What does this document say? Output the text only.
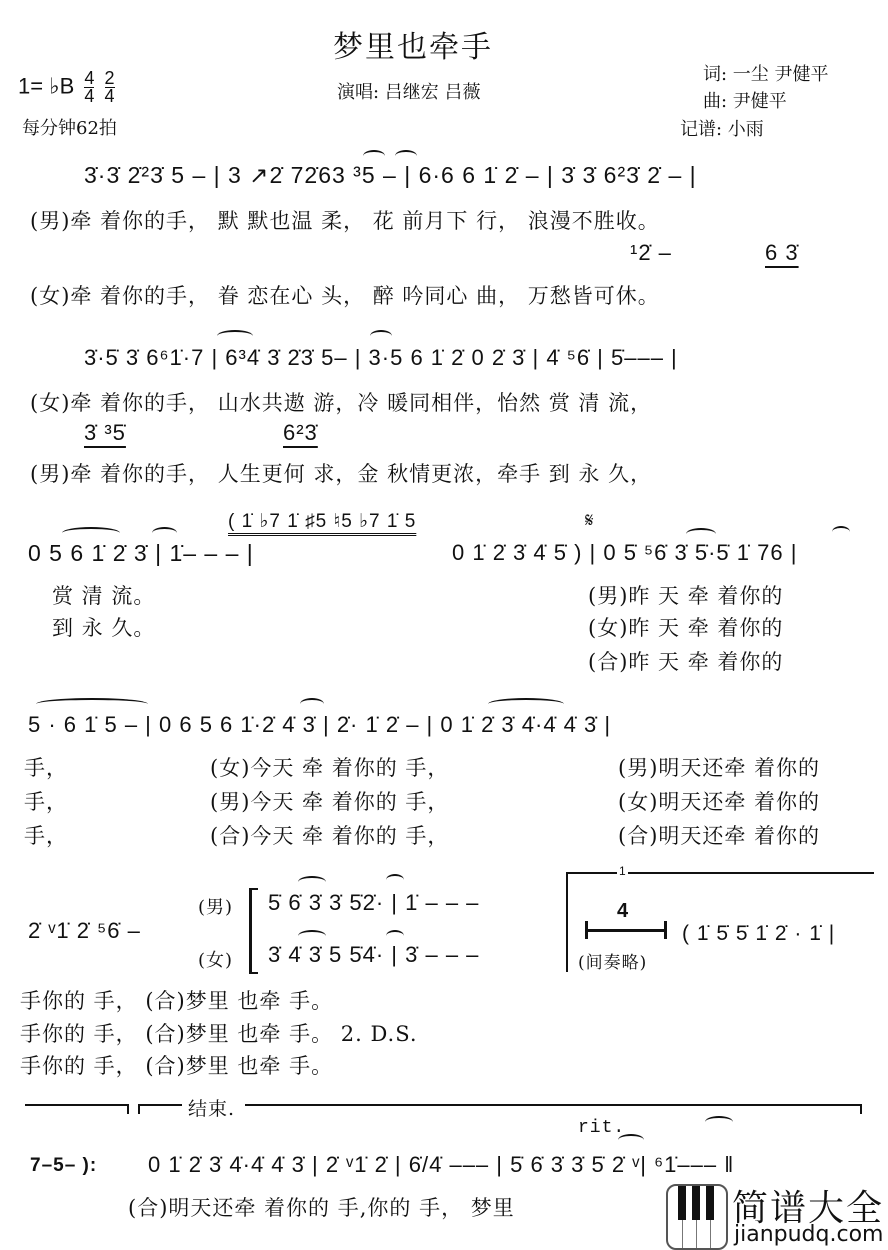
梦里也牵手
演唱: 吕继宏 吕薇
1= ♭B $\frac{4}{4}$
$\frac{2}{4}$
每分钟62拍
词: 一尘 尹健平
曲: 尹健平
记谱: 小雨
3̇·3̇ 2̇²3̇ 5 – | 3 ↗2̇ 72̇63 ³5 – | 6·6 6 1̇ 2̇ – | 3̇ 3̇ 6²3̇ 2̇ – |
(男)牵 着你的手， 默 默也温 柔， 花 前月下 行， 浪漫不胜收。
¹2̇ –	6 3̇
(女)牵 着你的手， 眷 恋在心 头， 醉 吟同心 曲， 万愁皆可休。
3̇·5̇ 3̇ 6⁶1̇·7 | 6³4̇ 3̇ 2̇3̇ 5– | 3·5 6 1̇ 2̇ 0 2̇ 3̇ | 4̇ ⁵6̇ | 5̇––– |
(女)牵 着你的手， 山水共遨 游，冷 暖同相伴，怡然 赏 清 流，
3̇ ³5̇	6²3̇
(男)牵 着你的手， 人生更何 求，金 秋情更浓，牵手 到 永 久，
0 5 6 1̇ 2̇ 3̇ | 1̇– – – |
( 1̇ ♭7 1̇ ♯5 ♮5 ♭7 1̇ 5	𝄋
0 1̇ 2̇ 3̇ 4̇ 5̇ ) | 0 5̇ ⁵6̇ 3̇ 5̇·5̇ 1̇ 76 |
赏 清 流。
到 永 久。
(男)昨 天 牵 着你的
(女)昨 天 牵 着你的
(合)昨 天 牵 着你的
5 · 6 1̇ 5 – | 0 6 5 6 1̇·2̇ 4̇ 3̇ | 2̇· 1̇ 2̇ – | 0 1̇ 2̇ 3̇ 4̇·4̇ 4̇ 3̇ |
手，	(女)今天 牵 着你的 手，	(男)明天还牵 着你的
手，	(男)今天 牵 着你的 手，	(女)明天还牵 着你的
手，	(合)今天 牵 着你的 手，	(合)明天还牵 着你的
2̇ ᵛ1̇ 2̇ ⁵6̇ –
(男)
(女)
5̇ 6̇ 3̇ 3̇ 5̇2̇· | 1̇ – – –
3̇ 4̇ 3̇ 5 5̇4̇· | 3̇ – – –
1
4
(间奏略)
( 1̇ 5̇ 5̇ 1̇ 2̇ · 1̇ |
手你的 手， (合)梦里 也牵 手。
手你的 手， (合)梦里 也牵 手。 2. D.S.
手你的 手， (合)梦里 也牵 手。
结束.
rit.
7–5– ): 0 1̇ 2̇ 3̇ 4̇·4̇ 4̇ 3̇ | 2̇ ᵛ1̇ 2̇ | 6̇/4̇ ––– | 5̇ 6̇ 3̇ 3̇ 5̇ 2̇ ᵛ| ⁶1̇––– ‖
(合)明天还牵 着你的 手,你的 手， 梦里	简谱大全
jianpudq.com
